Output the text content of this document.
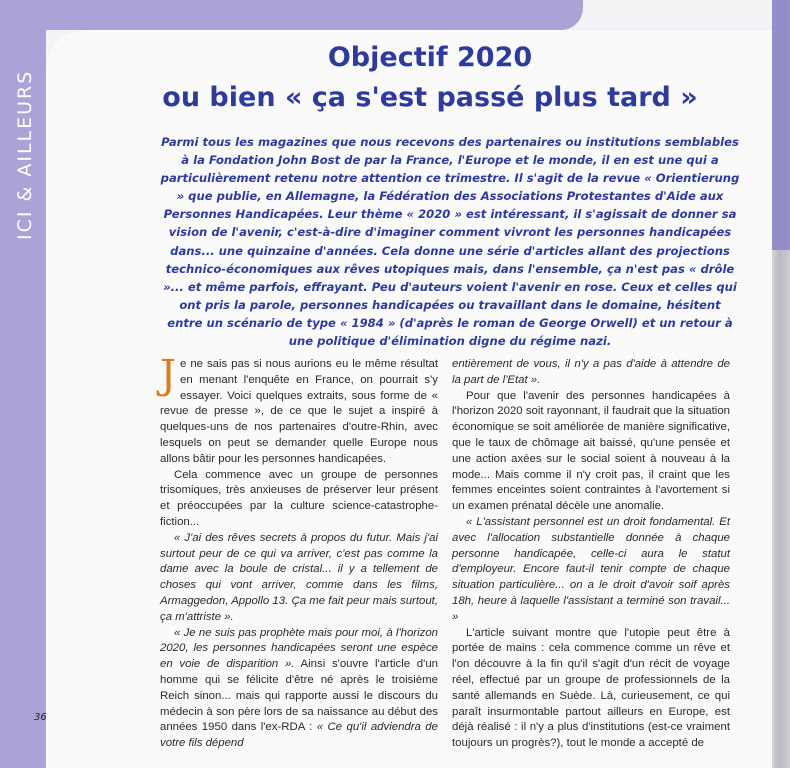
36
Objectif 2020
ou bien « ça s'est passé plus tard »
Parmi tous les magazines que nous recevons des partenaires ou institutions semblables à la Fondation John Bost de par la France, l'Europe et le monde, il en est une qui a particulièrement retenu notre attention ce trimestre. Il s'agit de la revue « Orientierung » que publie, en Allemagne, la Fédération des Associations Protestantes d'Aide aux Personnes Handicapées. Leur thème « 2020 » est intéressant, il s'agissait de donner sa vision de l'avenir, c'est-à-dire d'imaginer comment vivront les personnes handicapées dans... une quinzaine d'années. Cela donne une série d'articles allant des projections technico-économiques aux rêves utopiques mais, dans l'ensemble, ça n'est pas « drôle »... et même parfois, effrayant. Peu d'auteurs voient l'avenir en rose. Ceux et celles qui ont pris la parole, personnes handicapées ou travaillant dans le domaine, hésitent entre un scénario de type « 1984 » (d'après le roman de George Orwell) et un retour à une politique d'élimination digne du régime nazi.

Je ne sais pas si nous aurions eu le même résultat en menant l'enquête en France, on pourrait s'y essayer. Voici quelques extraits, sous forme de « revue de presse », de ce que le sujet a inspiré à quelques-uns de nos partenaires d'outre-Rhin, avec lesquels on peut se demander quelle Europe nous allons bâtir pour les personnes handicapées.

Cela commence avec un groupe de personnes trisomiques, très anxieuses de préserver leur présent et préoccupées par la culture science-catastrophe-fiction...

« J'ai des rêves secrets à propos du futur. Mais j'ai surtout peur de ce qui va arriver, c'est pas comme la dame avec la boule de cristal... il y a tellement de choses qui vont arriver, comme dans les films, Armaggedon, Appollo 13. Ça me fait peur mais surtout, ça m'attriste ».

« Je ne suis pas prophète mais pour moi, à l'horizon 2020, les personnes handicapées seront une espèce en voie de disparition ». Ainsi s'ouvre l'article d'un homme qui se félicite d'être né après le troisième Reich sinon... mais qui rapporte aussi le discours du médecin à son père lors de sa naissance au début des années 1950 dans l'ex-RDA : « Ce qu'il adviendra de votre fils dépend

entièrement de vous, il n'y a pas d'aide à attendre de la part de l'Etat ».

Pour que l'avenir des personnes handicapées à l'horizon 2020 soit rayonnant, il faudrait que la situation économique se soit améliorée de manière significative, que le taux de chômage ait baissé, qu'une pensée et une action axées sur le social soient à nouveau à la mode... Mais comme il n'y croit pas, il craint que les femmes enceintes soient contraintes à l'avortement si un examen prénatal décèle une anomalie.

« L'assistant personnel est un droit fondamental. Et avec l'allocation substantielle donnée à chaque personne handicapée, celle-ci aura le statut d'employeur. Encore faut-il tenir compte de chaque situation particulière... on a le droit d'avoir soif après 18h, heure à laquelle l'assistant a terminé son travail... »

L'article suivant montre que l'utopie peut être à portée de mains : cela commence comme un rêve et l'on découvre à la fin qu'il s'agit d'un récit de voyage réel, effectué par un groupe de professionnels de la santé allemands en Suède. Là, curieusement, ce qui paraît insurmontable partout ailleurs en Europe, est déjà réalisé : il n'y a plus d'institutions (est-ce vraiment toujours un progrès?), tout le monde a accepté de
